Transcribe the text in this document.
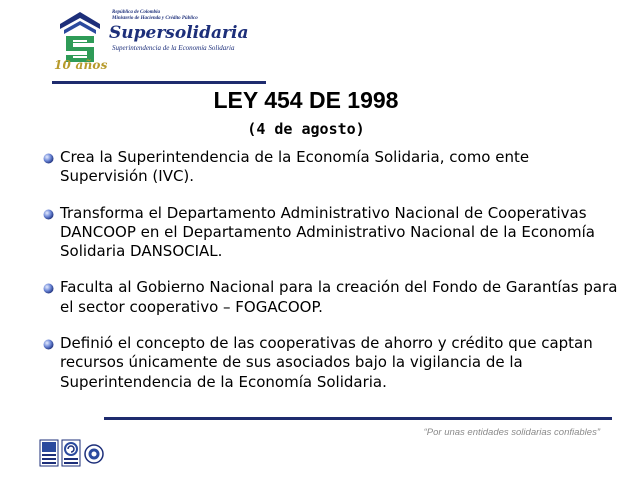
10 años
República de Colombia
Ministerio de Hacienda y Crédito Público
Supersolidaria
Superintendencia de la Economía Solidaria
LEY 454 DE 1998
(4 de agosto)
Crea la Superintendencia de la Economía Solidaria, como ente Supervisión (IVC).
Transforma el Departamento Administrativo Nacional de Cooperativas DANCOOP en el Departamento Administrativo Nacional de la Economía Solidaria DANSOCIAL.
Faculta al Gobierno Nacional para la creación del Fondo de Garantías para el sector cooperativo – FOGACOOP.
Definió el concepto de las cooperativas de ahorro y crédito que captan recursos únicamente de sus asociados bajo la vigilancia de la Superintendencia de la Economía Solidaria.
“Por unas entidades solidarias confiables”
